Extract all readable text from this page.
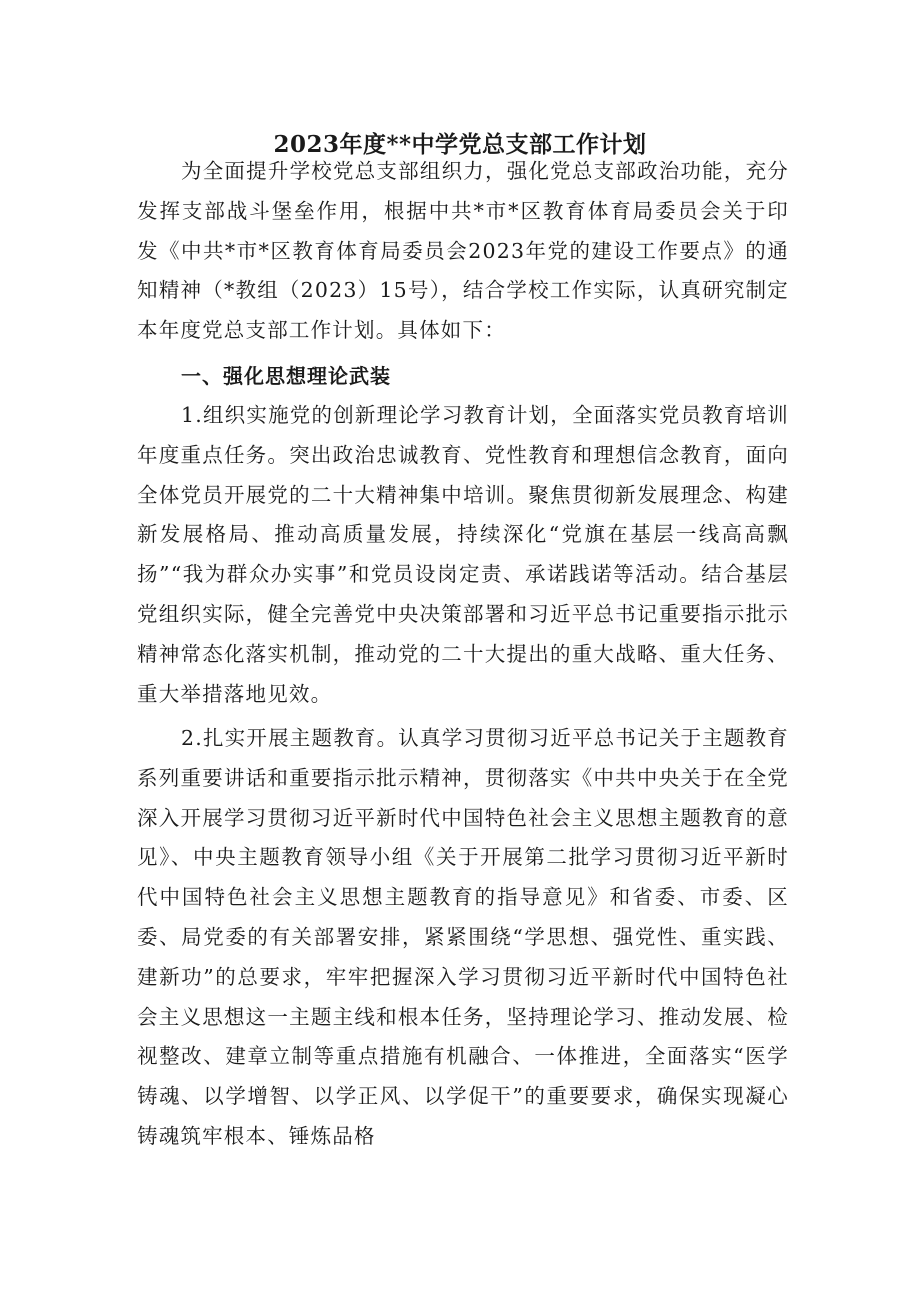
2023年度**中学党总支部工作计划

为全面提升学校党总支部组织力，强化党总支部政治功能，充分发挥支部战斗堡垒作用，根据中共*市*区教育体育局委员会关于印发《中共*市*区教育体育局委员会2023年党的建设工作要点》的通知精神（*教组（2023）15号），结合学校工作实际，认真研究制定本年度党总支部工作计划。具体如下：

一、强化思想理论武装

1.组织实施党的创新理论学习教育计划，全面落实党员教育培训年度重点任务。突出政治忠诚教育、党性教育和理想信念教育，面向全体党员开展党的二十大精神集中培训。聚焦贯彻新发展理念、构建新发展格局、推动高质量发展，持续深化“党旗在基层一线高高飘扬”“我为群众办实事”和党员设岗定责、承诺践诺等活动。结合基层党组织实际，健全完善党中央决策部署和习近平总书记重要指示批示精神常态化落实机制，推动党的二十大提出的重大战略、重大任务、重大举措落地见效。

2.扎实开展主题教育。认真学习贯彻习近平总书记关于主题教育系列重要讲话和重要指示批示精神，贯彻落实《中共中央关于在全党深入开展学习贯彻习近平新时代中国特色社会主义思想主题教育的意见》、中央主题教育领导小组《关于开展第二批学习贯彻习近平新时代中国特色社会主义思想主题教育的指导意见》和省委、市委、区委、局党委的有关部署安排，紧紧围绕“学思想、强党性、重实践、建新功”的总要求，牢牢把握深入学习贯彻习近平新时代中国特色社会主义思想这一主题主线和根本任务，坚持理论学习、推动发展、检视整改、建章立制等重点措施有机融合、一体推进，全面落实“医学铸魂、以学增智、以学正风、以学促干”的重要要求，确保实现凝心铸魂筑牢根本、锤炼品格
